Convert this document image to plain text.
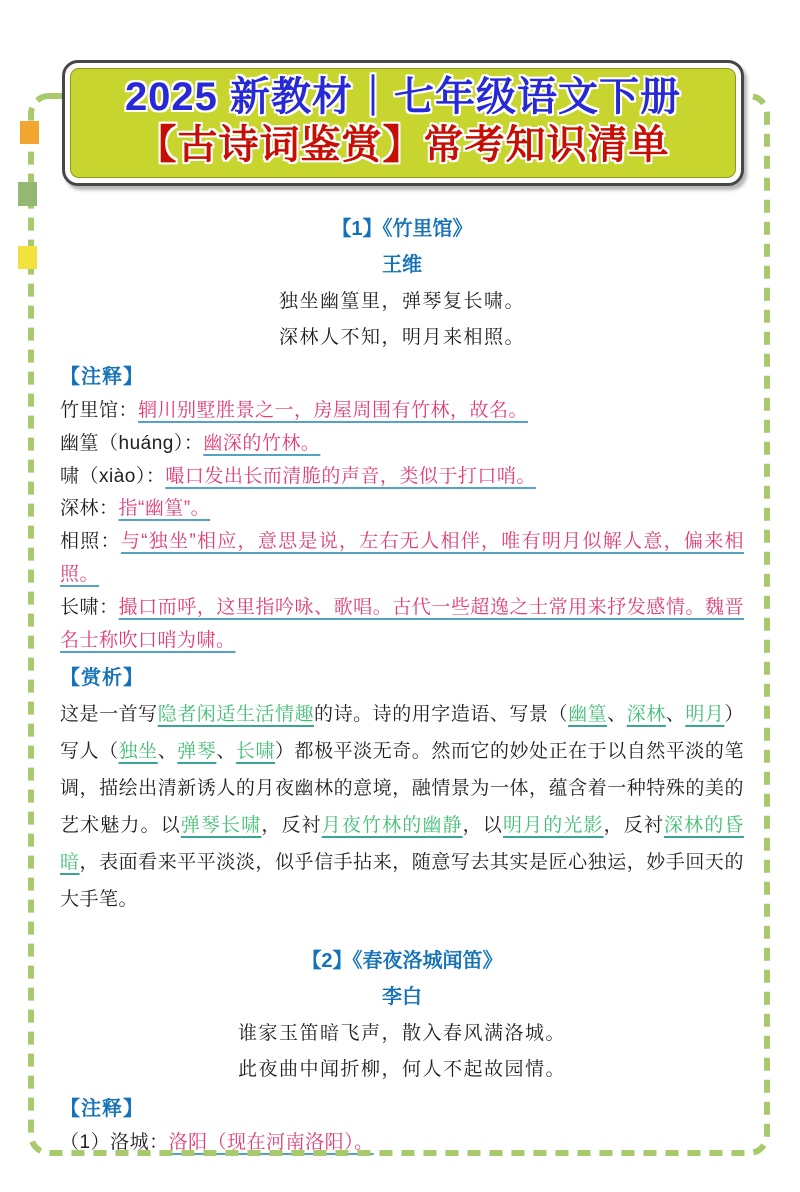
2025 新教材｜七年级语文下册
【古诗词鉴赏】常考知识清单
【1】《竹里馆》
王维

独坐幽篁里，弹琴复长啸。

深林人不知，明月来相照。

【注释】

竹里馆：辋川别墅胜景之一，房屋周围有竹林，故名。

幽篁（huáng）：幽深的竹林。

啸（xiào）：嘬口发出长而清脆的声音，类似于打口哨。

深林：指“幽篁”。

相照：与“独坐”相应，意思是说，左右无人相伴，唯有明月似解人意，偏来相照。

长啸：撮口而呼，这里指吟咏、歌唱。古代一些超逸之士常用来抒发感情。魏晋名士称吹口哨为啸。

【赏析】

这是一首写隐者闲适生活情趣的诗。诗的用字造语、写景（幽篁、深林、明月）写人（独坐、弹琴、长啸）都极平淡无奇。然而它的妙处正在于以自然平淡的笔调，描绘出清新诱人的月夜幽林的意境，融情景为一体，蕴含着一种特殊的美的艺术魅力。以弹琴长啸，反衬月夜竹林的幽静，以明月的光影，反衬深林的昏暗，表面看来平平淡淡，似乎信手拈来，随意写去其实是匠心独运，妙手回天的大手笔。

【2】《春夜洛城闻笛》
李白

谁家玉笛暗飞声，散入春风满洛城。

此夜曲中闻折柳，何人不起故园情。

【注释】

（1）洛城：洛阳（现在河南洛阳）。
